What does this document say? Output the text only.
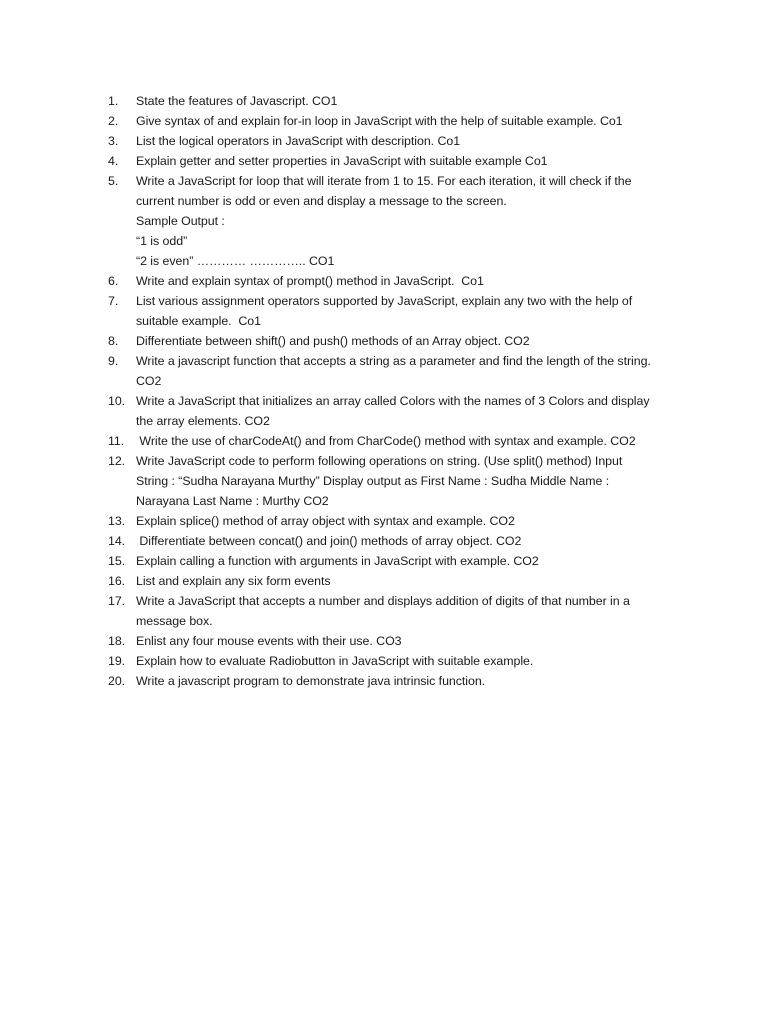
1.	State the features of Javascript. CO1
2.	Give syntax of and explain for-in loop in JavaScript with the help of suitable example. Co1
3.	List the logical operators in JavaScript with description. Co1
4.	Explain getter and setter properties in JavaScript with suitable example Co1
5.	Write a JavaScript for loop that will iterate from 1 to 15. For each iteration, it will check if the
current number is odd or even and display a message to the screen.
Sample Output :
“1 is odd”
“2 is even” ………… ………….. CO1
6.	Write and explain syntax of prompt() method in JavaScript.  Co1
7.	List various assignment operators supported by JavaScript, explain any two with the help of
suitable example.  Co1
8.	Differentiate between shift() and push() methods of an Array object. CO2
9.	Write a javascript function that accepts a string as a parameter and find the length of the string.
CO2
10. Write a JavaScript that initializes an array called Colors with the names of 3 Colors and display
the array elements. CO2
11. Write the use of charCodeAt() and from CharCode() method with syntax and example. CO2
12. Write JavaScript code to perform following operations on string. (Use split() method) Input
String : “Sudha Narayana Murthy” Display output as First Name : Sudha Middle Name :
Narayana Last Name : Murthy CO2
13. Explain splice() method of array object with syntax and example. CO2
14. Differentiate between concat() and join() methods of array object. CO2
15. Explain calling a function with arguments in JavaScript with example. CO2
16. List and explain any six form events
17. Write a JavaScript that accepts a number and displays addition of digits of that number in a
message box.
18. Enlist any four mouse events with their use. CO3
19. Explain how to evaluate Radiobutton in JavaScript with suitable example.
20. Write a javascript program to demonstrate java intrinsic function.
